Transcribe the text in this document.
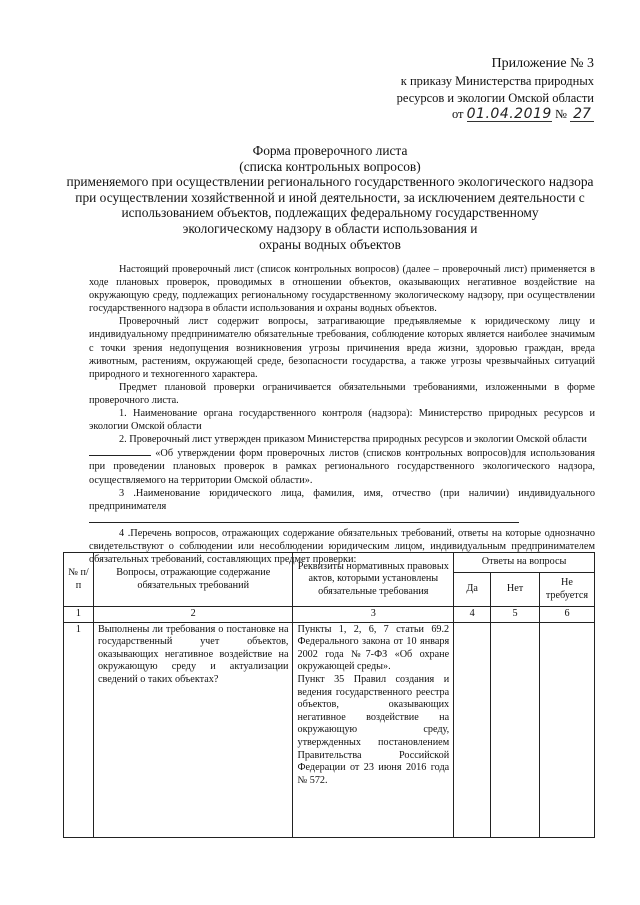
Приложение № 3
к приказу Министерства природных
ресурсов и экологии Омской области
от 01.04.2019 № 27
Форма проверочного листа
(списка контрольных вопросов)
применяемого при осуществлении регионального государственного экологического надзора
при осуществлении хозяйственной и иной деятельности, за исключением деятельности с
использованием объектов, подлежащих федеральному государственному
экологическому надзору в области использования и
охраны водных объектов

Настоящий проверочный лист (список контрольных вопросов) (далее – проверочный лист) применяется в ходе плановых проверок, проводимых в отношении объектов, оказывающих негативное воздействие на окружающую среду, подлежащих региональному государственному экологическому надзору, при осуществлении государственного надзора в области использования и охраны водных объектов.

Проверочный лист содержит вопросы, затрагивающие предъявляемые к юридическому лицу и индивидуальному предпринимателю обязательные требования, соблюдение которых является наиболее значимым с точки зрения недопущения возникновения угрозы причинения вреда жизни, здоровью граждан, вреда животным, растениям, окружающей среде, безопасности государства, а также угрозы чрезвычайных ситуаций природного и техногенного характера.

Предмет плановой проверки ограничивается обязательными требованиями, изложенными в форме проверочного листа.

1. Наименование органа государственного контроля (надзора): Министерство природных ресурсов и экологии Омской области

2. Проверочный лист утвержден приказом Министерства природных ресурсов и экологии Омской области
«Об утверждении форм проверочных листов (списков контрольных вопросов)для использования при проведении плановых проверок в рамках регионального государственного экологического надзора, осуществляемого на территории Омской области».

3 .Наименование юридического лица, фамилия, имя, отчество (при наличии) индивидуального предпринимателя

4 .Перечень вопросов, отражающих содержание обязательных требований, ответы на которые однозначно свидетельствуют о соблюдении или несоблюдении юридическим лицом, индивидуальным предпринимателем обязательных требований, составляющих предмет проверки:

№ п/п	Вопросы, отражающие содержание обязательных требований	Реквизиты нормативных правовых актов, которыми установлены обязательные требования	Ответы на вопросы		
			Да	Нет	Не требуется
1	2	3	4	5	6
1	Выполнены ли требования о постановке на государственный учет объектов, оказывающих негативное воздействие на окружающую среду и актуализации сведений о таких объектах?	Пункты 1, 2, 6, 7 статьи 69.2 Федерального закона от 10 января 2002 года №7-ФЗ «Об охране окружающей среды».
Пункт 35 Правил создания и ведения государственного реестра объектов, оказывающих негативное воздействие на окружающую среду, утвержденных постановлением Правительства Российской Федерации от 23 июня 2016 года № 572.			
